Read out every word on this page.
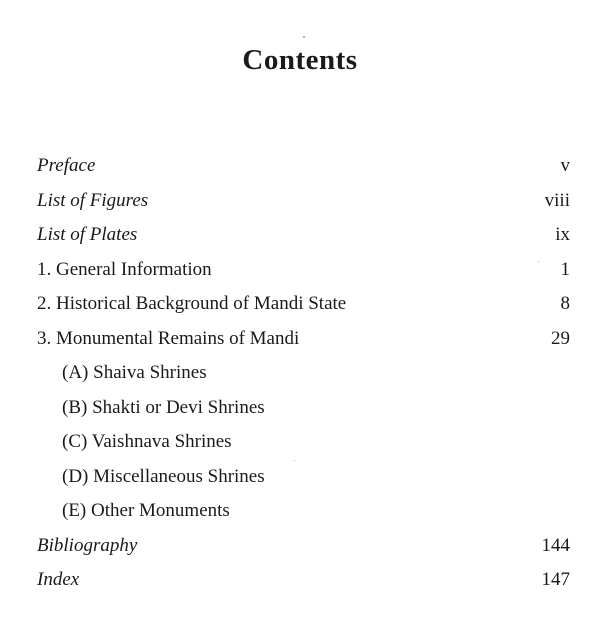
Contents
Preface	v
List of Figures	viii
List of Plates	ix
1. General Information	1
2. Historical Background of Mandi State	8
3. Monumental Remains of Mandi	29
(A) Shaiva Shrines
(B) Shakti or Devi Shrines
(C) Vaishnava Shrines
(D) Miscellaneous Shrines
(E) Other Monuments
Bibliography	144
Index	147
